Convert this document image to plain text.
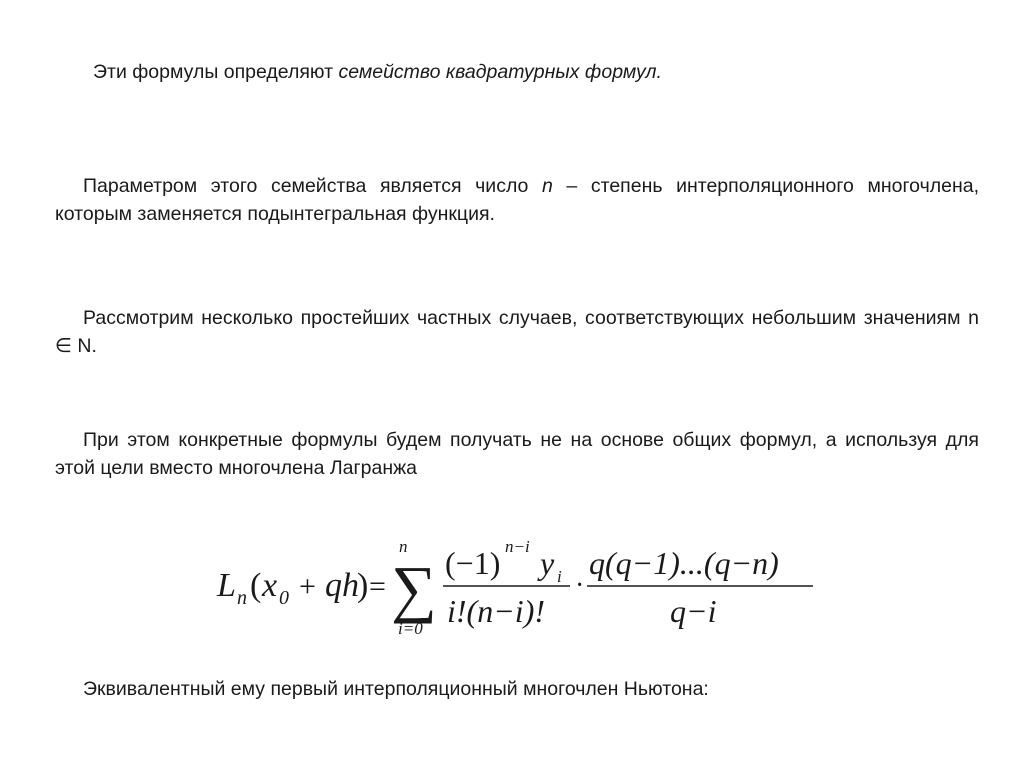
Эти формулы определяют семейство квадратурных формул.
Параметром этого семейства является число n – степень интерполяционного многочлена, которым заменяется подынтегральная функция.
Рассмотрим несколько простейших частных случаев, соответствующих небольшим значениям n ∈ N.
При этом конкретные формулы будем получать не на основе общих формул, а используя для этой цели вместо многочлена Лагранжа
L n ( x 0 + qh
) =
n
∑
i=0
(−1) n−i y i
i!(n−i)!
·
q(q−1)...(q−n)
q−i
Эквивалентный ему первый интерполяционный многочлен Ньютона:
